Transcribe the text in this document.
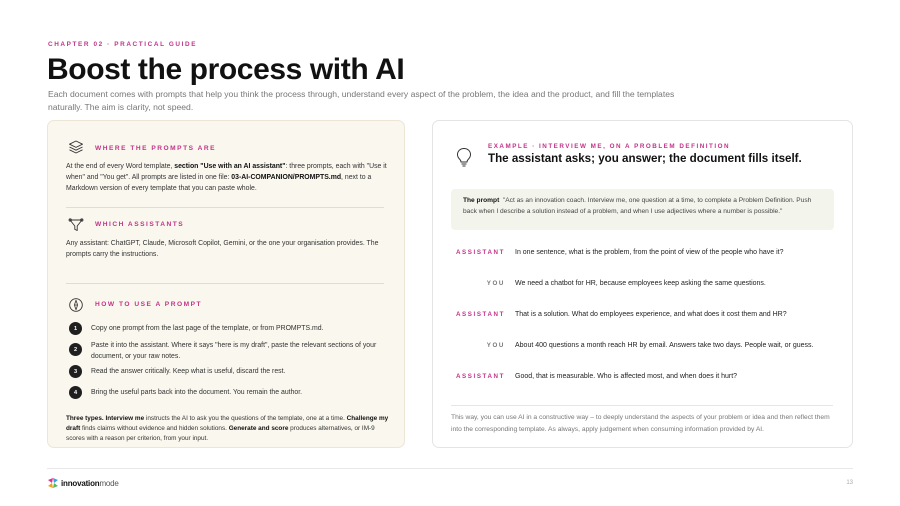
CHAPTER 02 · PRACTICAL GUIDE
Boost the process with AI

Each document comes with prompts that help you think the process through, understand every aspect of the problem, the idea and the product, and fill the templates naturally. The aim is clarity, not speed.

WHERE THE PROMPTS ARE

At the end of every Word template, section "Use with an AI assistant": three prompts, each with "Use it when" and "You get". All prompts are listed in one file: 03-AI-COMPANION/PROMPTS.md, next to a Markdown version of every template that you can paste whole.

WHICH ASSISTANTS

Any assistant: ChatGPT, Claude, Microsoft Copilot, Gemini, or the one your organisation provides. The prompts carry the instructions.

HOW TO USE A PROMPT
1	Copy one prompt from the last page of the template, or from PROMPTS.md.

2

Paste it into the assistant. Where it says "here is my draft", paste the relevant sections of your document, or your raw notes.

3	Read the answer critically. Keep what is useful, discard the rest.

4	Bring the useful parts back into the document. You remain the author.

Three types. Interview me instructs the AI to ask you the questions of the template, one at a time. Challenge my draft finds claims without evidence and hidden solutions. Generate and score produces alternatives, or IM-9 scores with a reason per criterion, from your input.

EXAMPLE · INTERVIEW ME, ON A PROBLEM DEFINITION
The assistant asks; you answer; the document fills itself.
The prompt "Act as an innovation coach. Interview me, one question at a time, to complete a Problem Definition. Push back when I describe a solution instead of a problem, and when I use adjectives where a number is possible."
ASSISTANT In one sentence, what is the problem, from the point of view of the people who have it?

YOU We need a chatbot for HR, because employees keep asking the same questions.

ASSISTANT That is a solution. What do employees experience, and what does it cost them and HR?

YOU About 400 questions a month reach HR by email. Answers take two days. People wait, or guess.

ASSISTANT Good, that is measurable. Who is affected most, and when does it hurt?

This way, you can use AI in a constructive way – to deeply understand the aspects of your problem or idea and then reflect them into the corresponding template. As always, apply judgement when consuming information provided by AI.

innovationmode	13
